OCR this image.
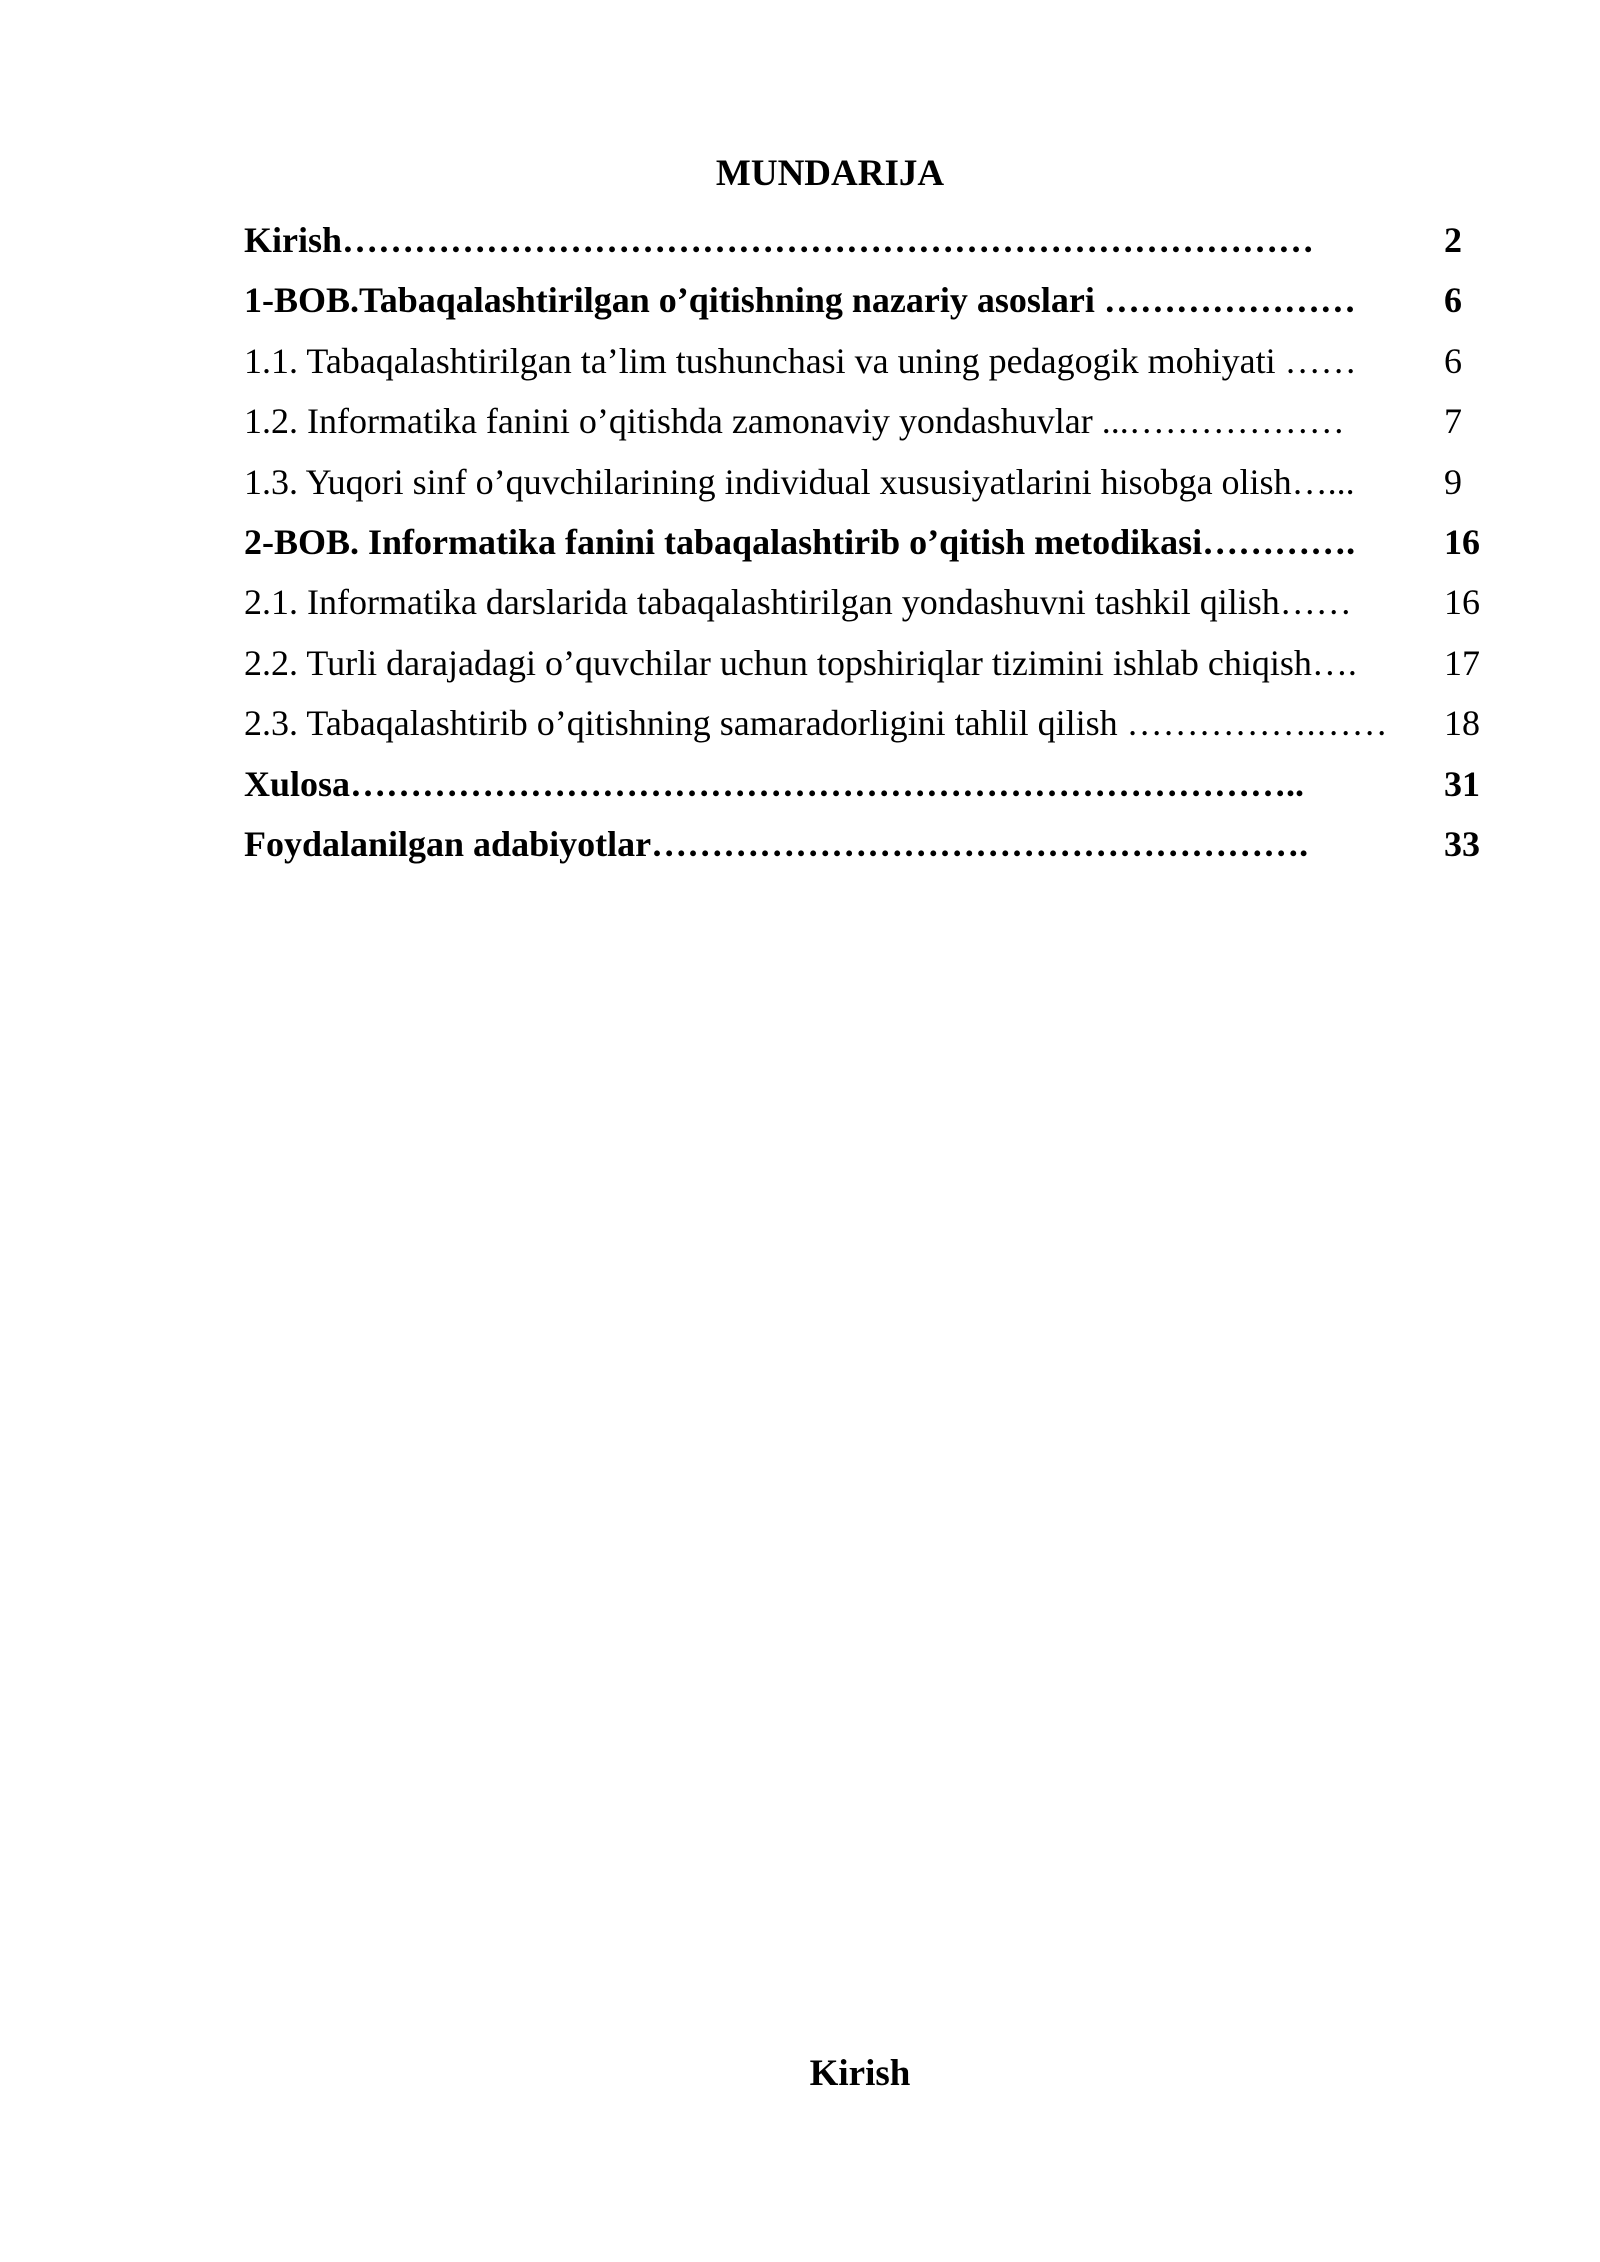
MUNDARIJA
Kirish………………………………………………………………………	2
1-BOB.Tabaqalashtirilgan o’qitishning nazariy asoslari ………………… 6
1.1. Tabaqalashtirilgan ta’lim tushunchasi va uning pedagogik mohiyati …… 6
1.2. Informatika fanini o’qitishda zamonaviy yondashuvlar ...………………	7
1.3. Yuqori sinf o’quvchilarining individual xususiyatlarini hisobga olish…... 9
2-BOB. Informatika fanini tabaqalashtirib o’qitish metodikasi…………. 16
2.1. Informatika darslarida tabaqalashtirilgan yondashuvni tashkil qilish……	16
2.2. Turli darajadagi o’quvchilar uchun topshiriqlar tizimini ishlab chiqish…. 17
2.3. Tabaqalashtirib o’qitishning samaradorligini tahlil qilish …………….…… 18
Xulosa……………………………………………………………………..	31
Foydalanilgan adabiyotlar……………………………………………….	33
Kirish
